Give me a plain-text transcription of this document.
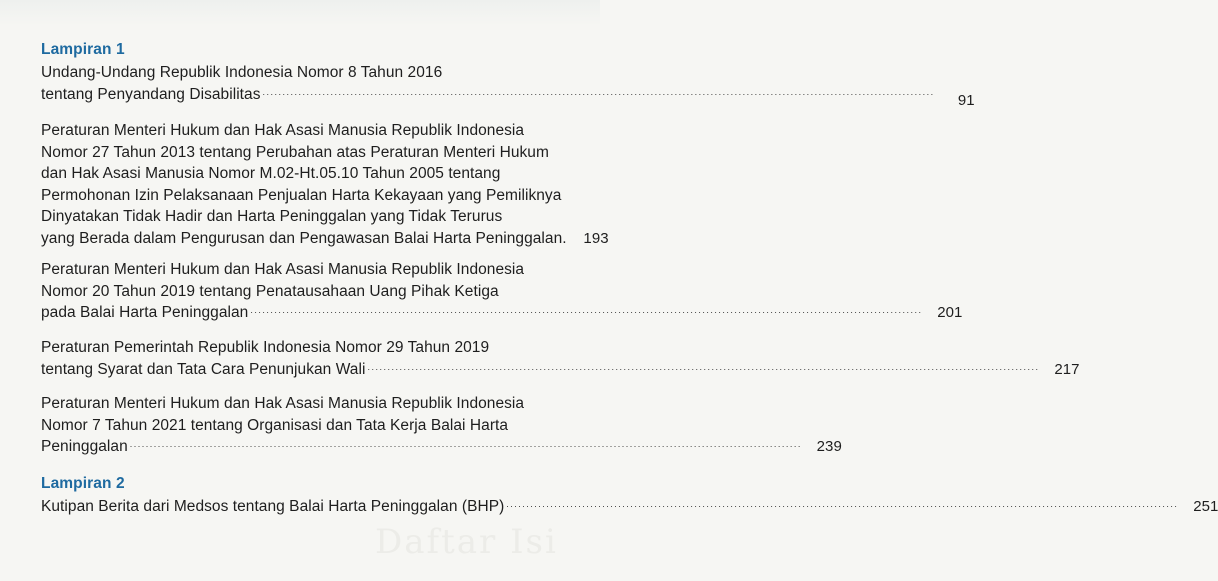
Daftar Isi
Lampiran 1
Undang-Undang Republik Indonesia Nomor 8 Tahun 2016
tentang Penyandang Disabilitas ........................................................................................................................................................................	91
Peraturan Menteri Hukum dan Hak Asasi Manusia Republik Indonesia
Nomor 27 Tahun 2013 tentang Perubahan atas Peraturan Menteri Hukum
dan Hak Asasi Manusia Nomor M.02-Ht.05.10 Tahun 2005 tentang
Permohonan Izin Pelaksanaan Penjualan Harta Kekayaan yang Pemiliknya
Dinyatakan Tidak Hadir dan Harta Peninggalan yang Tidak Terurus
yang Berada dalam Pengurusan dan Pengawasan Balai Harta Peninggalan.	193
Peraturan Menteri Hukum dan Hak Asasi Manusia Republik Indonesia
Nomor 20 Tahun 2019 tentang Penatausahaan Uang Pihak Ketiga
pada Balai Harta Peninggalan ........................................................................................................................................................................ 201
Peraturan Pemerintah Republik Indonesia Nomor 29 Tahun 2019
tentang Syarat dan Tata Cara Penunjukan Wali ........................................................................................................................................................................ 217
Peraturan Menteri Hukum dan Hak Asasi Manusia Republik Indonesia
Nomor 7 Tahun 2021 tentang Organisasi dan Tata Kerja Balai Harta
Peninggalan ........................................................................................................................................................................ 239
Lampiran 2
Kutipan Berita dari Medsos tentang Balai Harta Peninggalan (BHP) ........................................................................................................................................................................ 251
